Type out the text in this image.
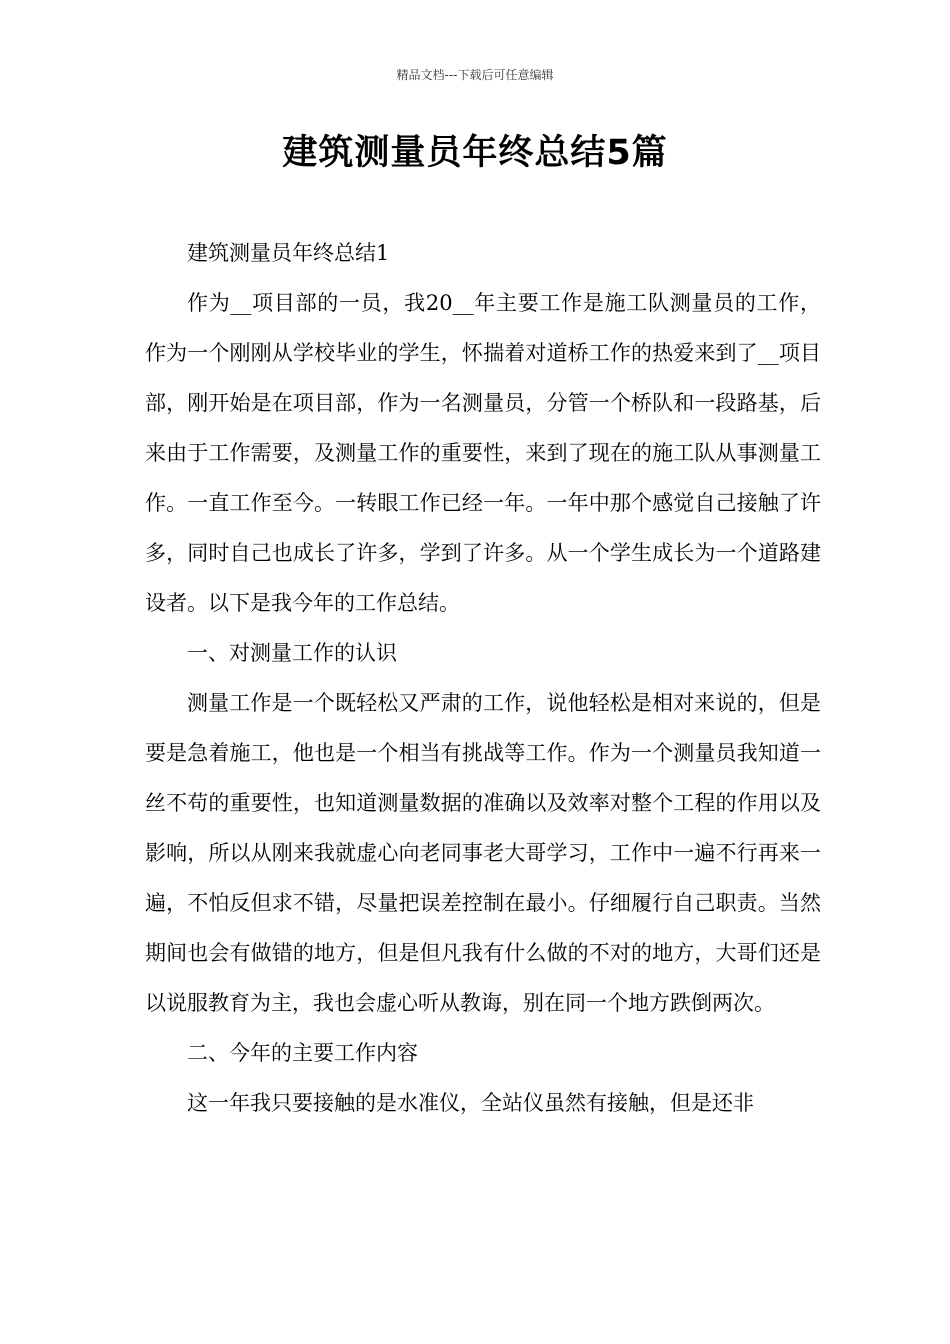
精品文档---下载后可任意编辑
建筑测量员年终总结5篇

建筑测量员年终总结1

作为__项目部的一员，我20__年主要工作是施工队测量员的工作，作为一个刚刚从学校毕业的学生，怀揣着对道桥工作的热爱来到了__项目部，刚开始是在项目部，作为一名测量员，分管一个桥队和一段路基，后来由于工作需要，及测量工作的重要性，来到了现在的施工队从事测量工作。一直工作至今。一转眼工作已经一年。一年中那个感觉自己接触了许多，同时自己也成长了许多，学到了许多。从一个学生成长为一个道路建设者。以下是我今年的工作总结。

一、对测量工作的认识

测量工作是一个既轻松又严肃的工作，说他轻松是相对来说的，但是要是急着施工，他也是一个相当有挑战等工作。作为一个测量员我知道一丝不苟的重要性，也知道测量数据的准确以及效率对整个工程的作用以及影响，所以从刚来我就虚心向老同事老大哥学习，工作中一遍不行再来一遍，不怕反但求不错，尽量把误差控制在最小。仔细履行自己职责。当然期间也会有做错的地方，但是但凡我有什么做的不对的地方，大哥们还是以说服教育为主，我也会虚心听从教诲，别在同一个地方跌倒两次。

二、今年的主要工作内容

这一年我只要接触的是水准仪，全站仪虽然有接触，但是还非
